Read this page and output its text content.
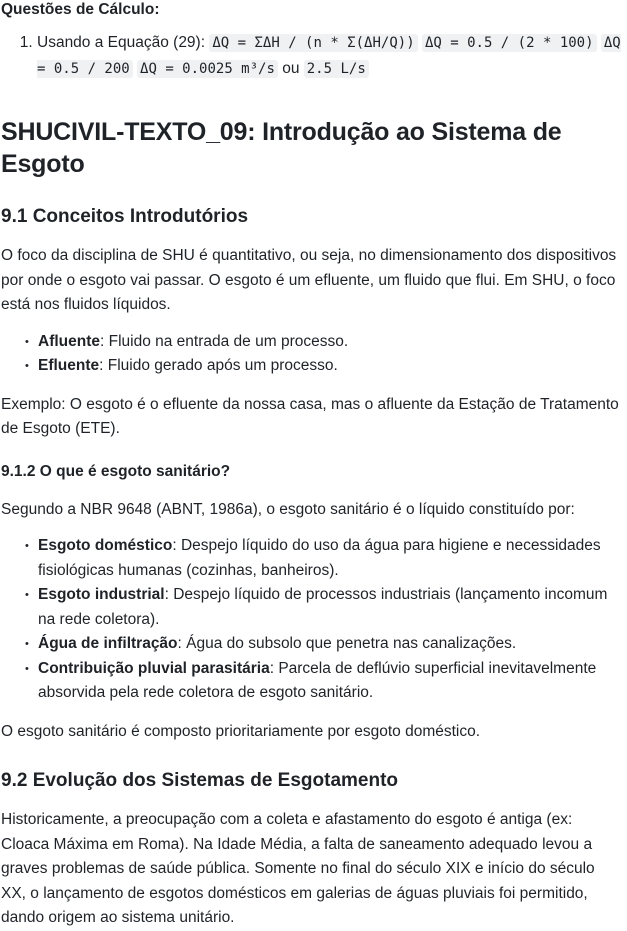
Questões de Cálculo:
1. Usando a Equação (29): ΔQ = ΣΔH / (n * Σ(ΔH/Q)) ΔQ = 0.5 / (2 * 100) ΔQ = 0.5 / 200 ΔQ = 0.0025 m³/s ou 2.5 L/s
SHUCIVIL-TEXTO_09: Introdução ao Sistema de Esgoto
9.1 Conceitos Introdutórios

O foco da disciplina de SHU é quantitativo, ou seja, no dimensionamento dos dispositivos por onde o esgoto vai passar. O esgoto é um efluente, um fluido que flui. Em SHU, o foco está nos fluidos líquidos.

• Afluente: Fluido na entrada de um processo.
• Efluente: Fluido gerado após um processo.

Exemplo: O esgoto é o efluente da nossa casa, mas o afluente da Estação de Tratamento de Esgoto (ETE).

9.1.2 O que é esgoto sanitário?

Segundo a NBR 9648 (ABNT, 1986a), o esgoto sanitário é o líquido constituído por:

• Esgoto doméstico: Despejo líquido do uso da água para higiene e necessidades fisiológicas humanas (cozinhas, banheiros).
• Esgoto industrial: Despejo líquido de processos industriais (lançamento incomum na rede coletora).
• Água de infiltração: Água do subsolo que penetra nas canalizações.
• Contribuição pluvial parasitária: Parcela de deflúvio superficial inevitavelmente absorvida pela rede coletora de esgoto sanitário.

O esgoto sanitário é composto prioritariamente por esgoto doméstico.

9.2 Evolução dos Sistemas de Esgotamento

Historicamente, a preocupação com a coleta e afastamento do esgoto é antiga (ex: Cloaca Máxima em Roma). Na Idade Média, a falta de saneamento adequado levou a graves problemas de saúde pública. Somente no final do século XIX e início do século XX, o lançamento de esgotos domésticos em galerias de águas pluviais foi permitido, dando origem ao sistema unitário.
